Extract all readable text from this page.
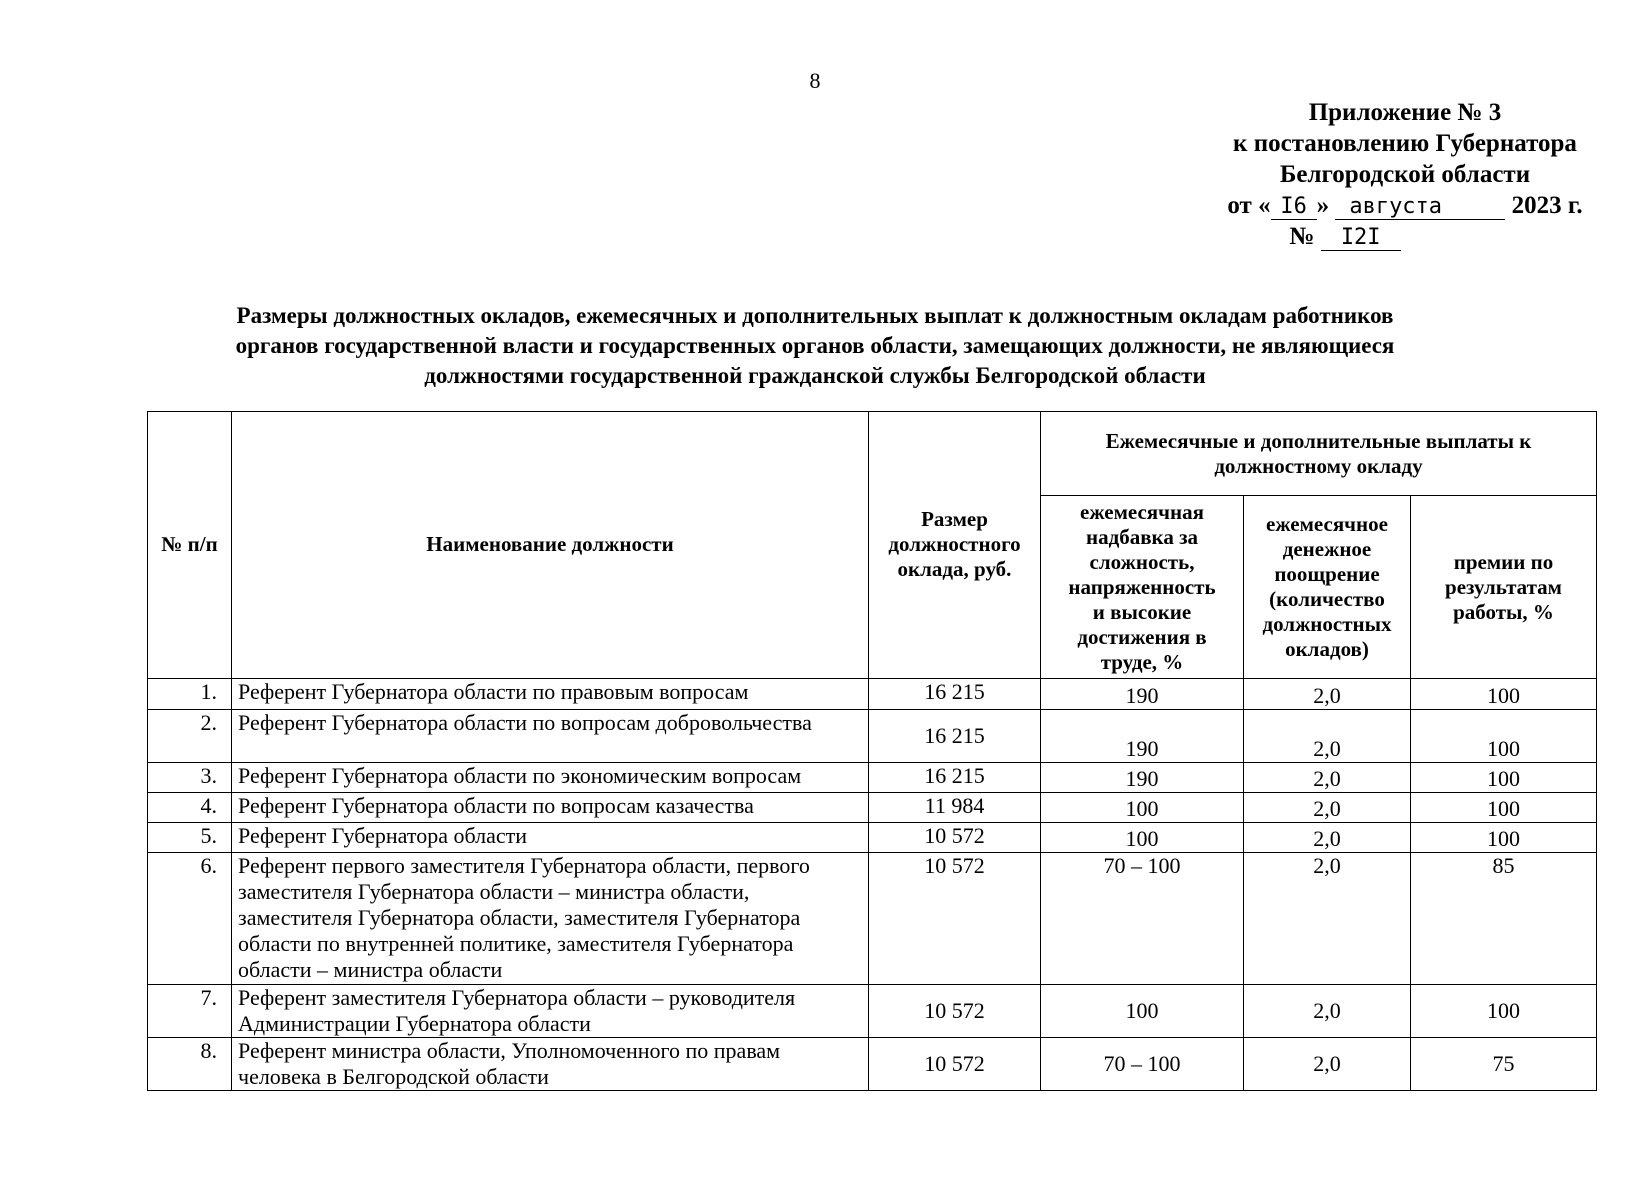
8
Приложение № 3
к постановлению Губернатора
Белгородской области
от « I6 » августа	2023 г.
№ I2I
Размеры должностных окладов, ежемесячных и дополнительных выплат к должностным окладам работников
органов государственной власти и государственных органов области, замещающих должности, не являющиеся
должностями государственной гражданской службы Белгородской области
№ п/п	Наименование должности	Размер должностного оклада, руб.	Ежемесячные и дополнительные выплаты к должностному окладу		
			ежемесячная надбавка за сложность, напряженность и высокие достижения в труде, %	ежемесячное денежное поощрение (количество должностных окладов)	премии по результатам работы, %
1.	Референт Губернатора области по правовым вопросам	16 215	190	2,0	100
2.	Референт Губернатора области по вопросам добровольчества	16 215	190	2,0	100
3.	Референт Губернатора области по экономическим вопросам	16 215	190	2,0	100
4.	Референт Губернатора области по вопросам казачества	11 984	100	2,0	100
5.	Референт Губернатора области	10 572	100	2,0	100
6.	Референт первого заместителя Губернатора области, первого заместителя Губернатора области – министра области, заместителя Губернатора области, заместителя Губернатора области по внутренней политике, заместителя Губернатора области – министра области	10 572	70 – 100	2,0	85
7.	Референт заместителя Губернатора области – руководителя Администрации Губернатора области	10 572	100	2,0	100
8.	Референт министра области, Уполномоченного по правам человека в Белгородской области	10 572	70 – 100	2,0	75
